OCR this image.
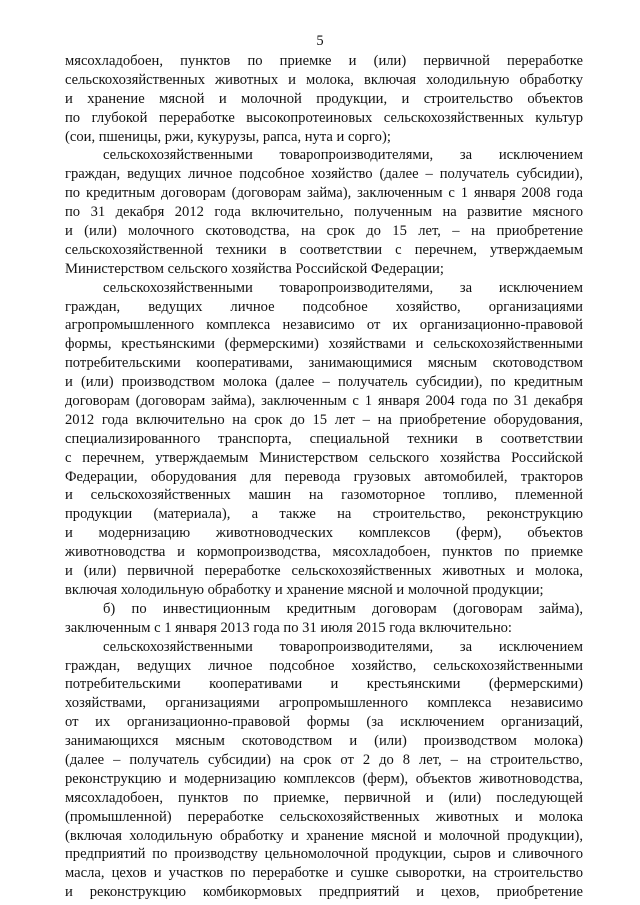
5
мясохладобоен, пунктов по приемке и (или) первичной переработке
сельскохозяйственных животных и молока, включая холодильную обработку
и хранение мясной и молочной продукции, и строительство объектов
по глубокой переработке высокопротеиновых сельскохозяйственных культур
(сои, пшеницы, ржи, кукурузы, рапса, нута и сорго);
сельскохозяйственными товаропроизводителями, за исключением
граждан, ведущих личное подсобное хозяйство (далее – получатель субсидии),
по кредитным договорам (договорам займа), заключенным с 1 января 2008 года
по 31 декабря 2012 года включительно, полученным на развитие мясного
и (или) молочного скотоводства, на срок до 15 лет, – на приобретение
сельскохозяйственной техники в соответствии с перечнем, утверждаемым
Министерством сельского хозяйства Российской Федерации;
сельскохозяйственными товаропроизводителями, за исключением
граждан, ведущих личное подсобное хозяйство, организациями
агропромышленного комплекса независимо от их организационно-правовой
формы, крестьянскими (фермерскими) хозяйствами и сельскохозяйственными
потребительскими кооперативами, занимающимися мясным скотоводством
и (или) производством молока (далее – получатель субсидии), по кредитным
договорам (договорам займа), заключенным с 1 января 2004 года по 31 декабря
2012 года включительно на срок до 15 лет – на приобретение оборудования,
специализированного транспорта, специальной техники в соответствии
с перечнем, утверждаемым Министерством сельского хозяйства Российской
Федерации, оборудования для перевода грузовых автомобилей, тракторов
и сельскохозяйственных машин на газомоторное топливо, племенной
продукции (материала), а также на строительство, реконструкцию
и модернизацию животноводческих комплексов (ферм), объектов
животноводства и кормопроизводства, мясохладобоен, пунктов по приемке
и (или) первичной переработке сельскохозяйственных животных и молока,
включая холодильную обработку и хранение мясной и молочной продукции;
б) по инвестиционным кредитным договорам (договорам займа),
заключенным с 1 января 2013 года по 31 июля 2015 года включительно:
сельскохозяйственными товаропроизводителями, за исключением
граждан, ведущих личное подсобное хозяйство, сельскохозяйственными
потребительскими кооперативами и крестьянскими (фермерскими)
хозяйствами, организациями агропромышленного комплекса независимо
от их организационно-правовой формы (за исключением организаций,
занимающихся мясным скотоводством и (или) производством молока)
(далее – получатель субсидии) на срок от 2 до 8 лет, – на строительство,
реконструкцию и модернизацию комплексов (ферм), объектов животноводства,
мясохладобоен, пунктов по приемке, первичной и (или) последующей
(промышленной) переработке сельскохозяйственных животных и молока
(включая холодильную обработку и хранение мясной и молочной продукции),
предприятий по производству цельномолочной продукции, сыров и сливочного
масла, цехов и участков по переработке и сушке сыворотки, на строительство
и реконструкцию комбикормовых предприятий и цехов, приобретение
